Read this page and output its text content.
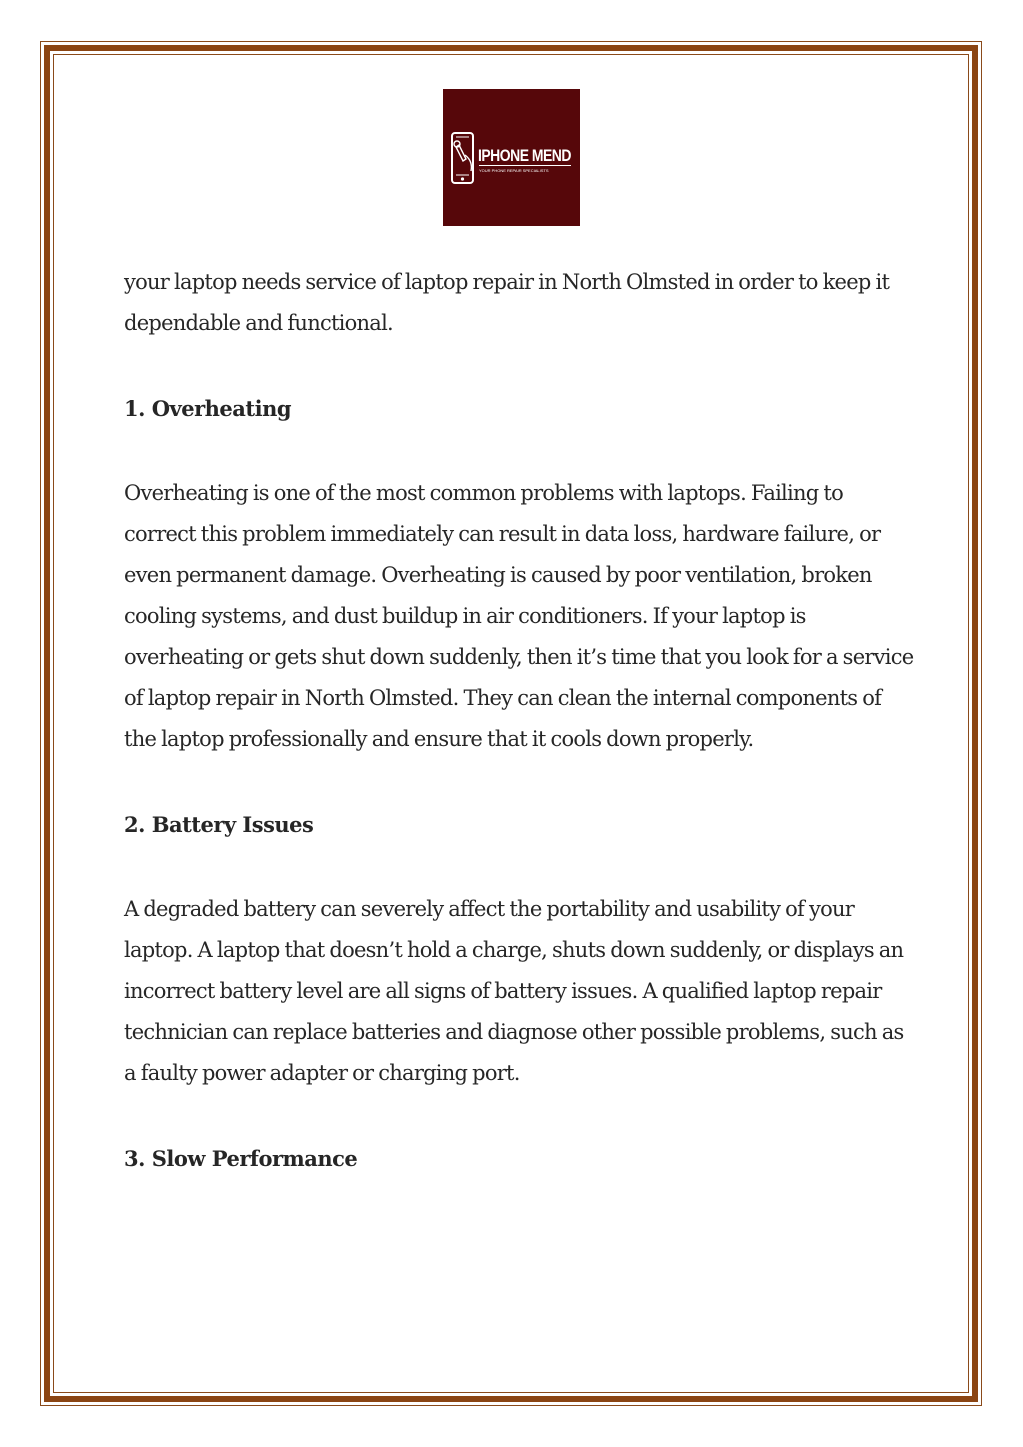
IPHONE MEND
YOUR PHONE REPAIR SPECIALISTS

your laptop needs service of laptop repair in North Olmsted in order to keep it dependable and functional.

1. Overheating

Overheating is one of the most common problems with laptops. Failing to correct this problem immediately can result in data loss, hardware failure, or even permanent damage. Overheating is caused by poor ventilation, broken cooling systems, and dust buildup in air conditioners. If your laptop is overheating or gets shut down suddenly, then it’s time that you look for a service of laptop repair in North Olmsted. They can clean the internal components of the laptop professionally and ensure that it cools down properly.

2. Battery Issues

A degraded battery can severely affect the portability and usability of your laptop. A laptop that doesn’t hold a charge, shuts down suddenly, or displays an incorrect battery level are all signs of battery issues. A qualified laptop repair technician can replace batteries and diagnose other possible problems, such as a faulty power adapter or charging port.

3. Slow Performance
